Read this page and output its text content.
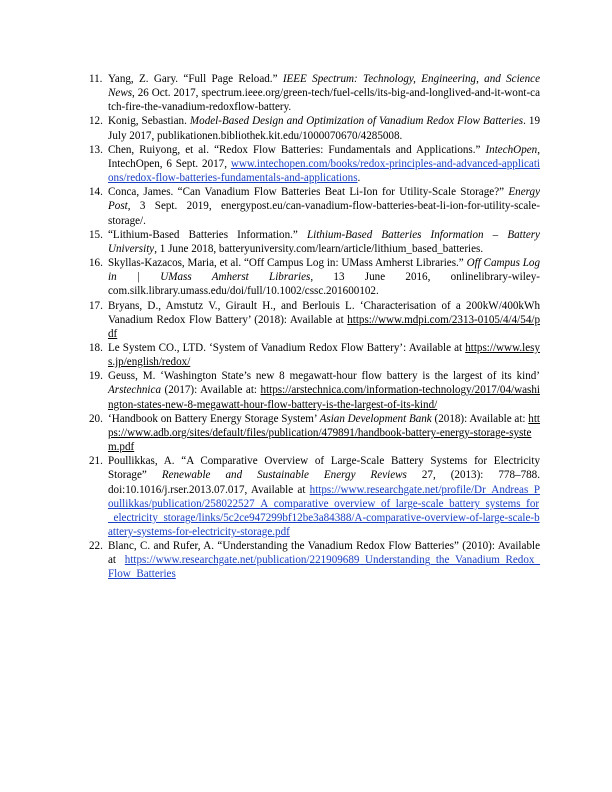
11. Yang, Z. Gary. “Full Page Reload.” IEEE Spectrum: Technology, Engineering, and Science News, 26 Oct. 2017, spectrum.ieee.org/green-tech/fuel-cells/its-big-and-longlived-and-it-wont-catch-fire-the-vanadium-redoxflow-battery.

12. Konig, Sebastian. Model-Based Design and Optimization of Vanadium Redox Flow Batteries. 19 July 2017, publikationen.bibliothek.kit.edu/1000070670/4285008.

13. Chen, Ruiyong, et al. “Redox Flow Batteries: Fundamentals and Applications.” IntechOpen, IntechOpen, 6 Sept. 2017, www.intechopen.com/books/redox-principles-and-advanced-applications/redox-flow-batteries-fundamentals-and-applications.

14. Conca, James. “Can Vanadium Flow Batteries Beat Li-Ion for Utility-Scale Storage?” Energy Post, 3 Sept. 2019, energypost.eu/can-vanadium-flow-batteries-beat-li-ion-for-utility-scale-storage/.

15. “Lithium-Based Batteries Information.” Lithium-Based Batteries Information – Battery University, 1 June 2018, batteryuniversity.com/learn/article/lithium_based_batteries.

16. Skyllas-Kazacos, Maria, et al. “Off Campus Log in: UMass Amherst Libraries.” Off Campus Log in | UMass Amherst Libraries, 13 June 2016, onlinelibrary-wiley-com.silk.library.umass.edu/doi/full/10.1002/cssc.201600102.

17. Bryans, D., Amstutz V., Girault H., and Berlouis L. ‘Characterisation of a 200kW/400kWh Vanadium Redox Flow Battery’ (2018): Available at https://www.mdpi.com/2313-0105/4/4/54/pdf

18. Le System CO., LTD. ‘System of Vanadium Redox Flow Battery’: Available at https://www.lesys.jp/english/redox/

19. Geuss, M. ‘Washington State’s new 8 megawatt-hour flow battery is the largest of its kind’ Arstechnica (2017): Available at: https://arstechnica.com/information-technology/2017/04/washington-states-new-8-megawatt-hour-flow-battery-is-the-largest-of-its-kind/

20. ‘Handbook on Battery Energy Storage System’ Asian Development Bank (2018): Available at: https://www.adb.org/sites/default/files/publication/479891/handbook-battery-energy-storage-system.pdf

21. Poullikkas, A. “A Comparative Overview of Large-Scale Battery Systems for Electricity Storage” Renewable and Sustainable Energy Reviews 27, (2013): 778–788. doi:10.1016/j.rser.2013.07.017, Available at https://www.researchgate.net/profile/Dr_Andreas_Poullikkas/publication/258022527_A_comparative_overview_of_large-scale_battery_systems_for_electricity_storage/links/5c2ce947299bf12be3a84388/A-comparative-overview-of-large-scale-battery-systems-for-electricity-storage.pdf

22. Blanc, C. and Rufer, A. “Understanding the Vanadium Redox Flow Batteries” (2010): Available at https://www.researchgate.net/publication/221909689_Understanding_the_Vanadium_Redox_Flow_Batteries
